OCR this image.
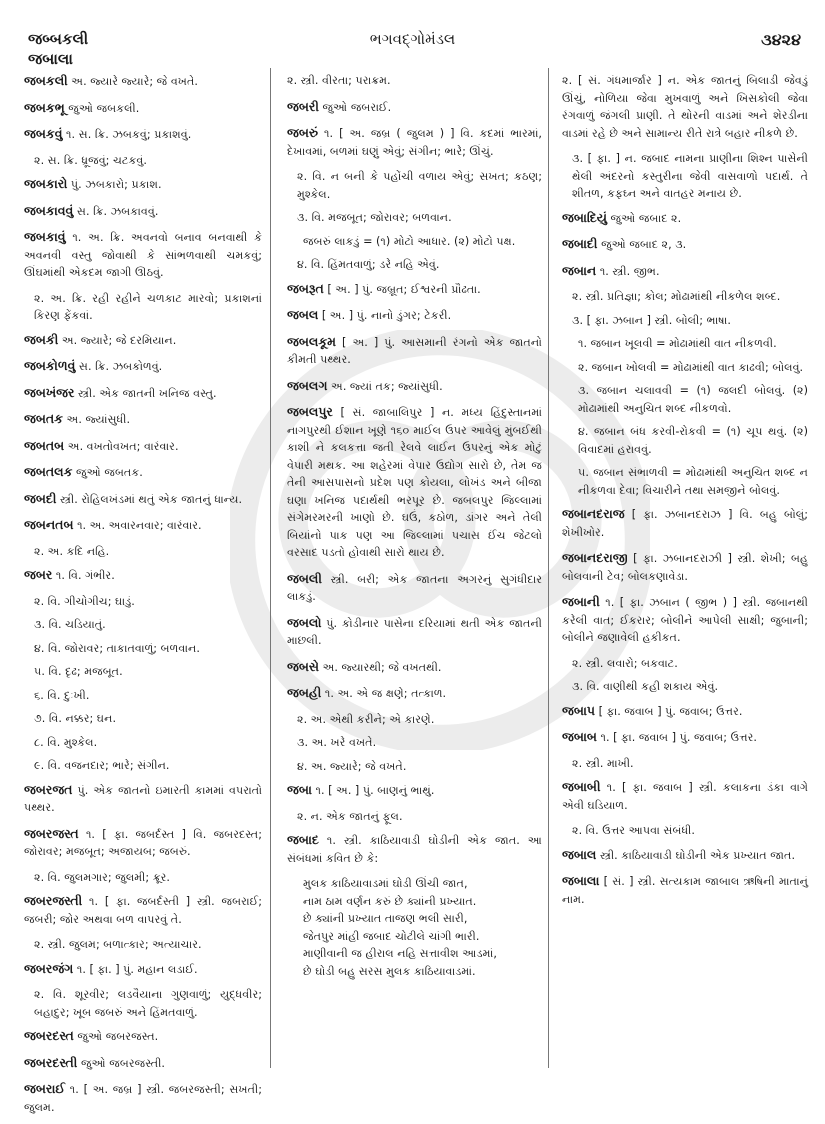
જબ્બકલી
જબાલા
ભગવદ્ગોમંડલ	૩૪૨૪
જબકલી અ. જ્યારે જ્યારે; જે વખતે.
જબકભૂ જુઓ જબકલી.
જબકવું ૧. સ. ક્રિ. ઝબકવું; પ્રકાશવું.
૨. સ. ક્રિ. ધ્રૂજવું; ચટકવું.
જબકારો પું. ઝબકારો; પ્રકાશ.
જબકાવવું સ. ક્રિ. ઝબકાવવું.
જબકાવું ૧. અ. ક્રિ. અવનવો બનાવ બનવાથી કે અવનવી વસ્તુ જોવાથી કે સાંભળવાથી ચમકવું; ઊંઘમાંથી એકદમ જાગી ઊઠવું.
૨. અ. ક્રિ. રહી રહીને ચળકાટ મારવો; પ્રકાશનાં કિરણ ફેંકવાં.
જબકી અ. જ્યારે; જે દરમિયાન.
જબકોળવું સ. ક્રિ. ઝબકોળવું.
જબખંજર સ્ત્રી. એક જાતની ખનિજ વસ્તુ.
જબતક અ. જ્યાંસુધી.
જબતબ અ. વખતોવખત; વારંવાર.
જબતલક જુઓ જબતક.
જબદી સ્ત્રી. રોહિલખંડમાં થતું એક જાતનું ધાન્ય.
જબનતબ ૧. અ. અવારનવાર; વારંવાર.
૨. અ. કદિ નહિ.
જબર ૧. વિ. ગંભીર.
૨. વિ. ગીચોગીચ; ઘાડું.
૩. વિ. ચડિયાતું.
૪. વિ. જોરાવર; તાકાતવાળું; બળવાન.
૫. વિ. દૃઢ; મજબૂત.
૬. વિ. દુઃખી.
૭. વિ. નક્કર; ઘન.
૮. વિ. મુશ્કેલ.
૯. વિ. વજનદાર; ભારે; સંગીન.
જબરજત પું. એક જાતનો ઇમારતી કામમાં વપરાતો પથ્થર.
જબરજસ્ત ૧. [ ફા. જબર્દસ્ત ] વિ. જબરદસ્ત; જોરાવર; મજબૂત; અજાયબ; જબરું.
૨. વિ. જુલમગાર; જુલમી; ક્રૂર.
જબરજસ્તી ૧. [ ફા. જબર્દસ્તી ] સ્ત્રી. જબરાઈ; જબરી; જોર અથવા બળ વાપરવું તે.
૨. સ્ત્રી. જુલમ; બળાત્કાર; અત્યાચાર.
જબરજંગ ૧. [ ફા. ] પું. મહાન લડાઈ.
૨. વિ. શૂરવીર; લડવૈયાના ગુણવાળું; યુદ્ધવીર; બહાદુર; ખૂબ જબરું અને હિંમતવાળું.
જબરદસ્ત જુઓ જબરજસ્ત.
જબરદસ્તી જુઓ જબરજસ્તી.
જબરાઈ ૧. [ અ. જબ્ર ] સ્ત્રી. જબરજસ્તી; સખતી; જુલમ.
૨. સ્ત્રી. વીરતા; પરાક્રમ.
જબરી જુઓ જબરાઈ.
જબરું ૧. [ અ. જબ્ર ( જુલમ ) ] વિ. કદમાં ભારમાં, દેખાવમાં, બળમાં ઘણું એવું; સંગીન; ભારે; ઊંચું.
૨. વિ. ન બની કે પહોંચી વળાય એવું; સખત; કઠણ; મુશ્કેલ.
૩. વિ. મજબૂત; જોરાવર; બળવાન.
જબરું લાકડું = (૧) મોટો આધાર. (૨) મોટો પક્ષ.
૪. વિ. હિંમતવાળું; ડરે નહિ એવું.
જબરૂત [ અ. ] પું. જબ્રૂત; ઈશ્વરની પ્રૌઢતા.
જબલ [ અ. ] પું. નાનો ડુંગર; ટેકરી.
જબલકૂમ [ અ. ] પું. આસમાની રંગનો એક જાતનો કીમતી પથ્થર.
જબલગ અ. જ્યાં તક; જ્યાંસુધી.
જબલપુર [ સં. જાબાલિપુર ] ન. મધ્ય હિંદુસ્તાનમાં નાગપુરથી ઈશાન ખૂણે ૧૬૦ માઈલ ઉપર આવેલું મુંબઈથી કાશી ને કલકત્તા જતી રેલવે લાઈન ઉપરનું એક મોટું વેપારી મથક. આ શહેરમાં વેપાર ઉદ્યોગ સારો છે, તેમ જ તેની આસપાસનો પ્રદેશ પણ કોયલા, લોખંડ અને બીજા ઘણા ખનિજ પદાર્થથી ભરપૂર છે. જબલપુર જિલ્લામાં સંગેમરમરની ખાણો છે. ઘઉં, કઠોળ, ડાંગર અને તેલી બિયાંનો પાક પણ આ જિલ્લામાં પચાસ ઈંચ જેટલો વરસાદ પડતો હોવાથી સારો થાય છે.
જબલી સ્ત્રી. બરી; એક જાતના અગરનું સુગંધીદાર લાકડું.
જબલો પું. કોડીનાર પાસેના દરિયામાં થતી એક જાતની માછલી.
જબસે અ. જ્યારથી; જે વખતથી.
જબહી ૧. અ. એ જ ક્ષણે; તત્કાળ.
૨. અ. એથી કરીને; એ કારણે.
૩. અ. ખરે વખતે.
૪. અ. જ્યારે; જે વખતે.
જબા ૧. [ અ. ] પું. બાણનું ભાથું.
૨. ન. એક જાતનું ફૂલ.
જબાદ ૧. સ્ત્રી. કાઠિયાવાડી ઘોડીની એક જાત. આ સંબંધમાં કવિત છે કે:
મુલક કાઠિયાવાડમાં ઘોડી ઊંચી જાત,
નામ ઠામ વર્ણન કરું છે ક્યાંની પ્રખ્યાત.
છે ક્યાંની પ્રખ્યાત તાજણ ભલી સારી,
જેતપુર માંહી જબાદ ચોટીલે ચાંગી ભારી.
માણીવાની જ હીરાલ નહિ સત્તાવીશ આડમાં,
છે ઘોડી બહુ સરસ મુલક કાઠિયાવાડમાં.
૨. [ સં. ગંધમાર્જાર ] ન. એક જાતનું બિલાડી જેવડું ઊંચું, નોળિયા જેવા મુખવાળું અને ખિસકોલી જેવા રંગવાળું જંગલી પ્રાણી. તે થોરની વાડમાં અને શેરડીના વાડમાં રહે છે અને સામાન્ય રીતે રાત્રે બહાર નીકળે છે.
૩. [ ફા. ] ન. જબાદ નામના પ્રાણીના શિશ્ન પાસેની થેલી અંદરનો કસ્તુરીના જેવી વાસવાળો પદાર્થ. તે શીતળ, કફઘ્ન અને વાતહર મનાય છે.
જબાદિયું જુઓ જબાદ ૨.
જબાદી જુઓ જબાદ ૨, ૩.
જબાન ૧. સ્ત્રી. જીભ.
૨. સ્ત્રી. પ્રતિજ્ઞા; કોલ; મોઢામાંથી નીકળેલ શબ્દ.
૩. [ ફા. ઝબાન ] સ્ત્રી. બોલી; ભાષા.
૧. જબાન ખૂલવી = મોઢામાંથી વાત નીકળવી.
૨. જબાન ખોલવી = મોઢામાંથી વાત કાઢવી; બોલવું.
૩. જબાન ચલાવવી = (૧) જલદી બોલવું. (૨) મોઢામાંથી અનુચિત શબ્દ નીકળવો.
૪. જબાન બંધ કરવી-રોકવી = (૧) ચૂપ થવું. (૨) વિવાદમાં હરાવવું.
૫. જબાન સંભાળવી = મોઢામાંથી અનુચિત શબ્દ ન નીકળવા દેવા; વિચારીને તથા સમજીને બોલવું.
જબાનદરાજ [ ફા. ઝબાનદરાઝ ] વિ. બહુ બોલું; શેખીખોર.
જબાનદરાજી [ ફા. ઝબાનદરાઝી ] સ્ત્રી. શેખી; બહુ બોલવાની ટેવ; બોલકણાવેડા.
જબાની ૧. [ ફા. ઝબાન ( જીભ ) ] સ્ત્રી. જબાનથી કરેલી વાત; ઈકરાર; બોલીને આપેલી સાક્ષી; જુબાની; બોલીને જણાવેલી હકીકત.
૨. સ્ત્રી. લવારો; બકવાટ.
૩. વિ. વાણીથી કહી શકાય એવું.
જબાપ [ ફા. જવાબ ] પું. જવાબ; ઉત્તર.
જબાબ ૧. [ ફા. જવાબ ] પું. જવાબ; ઉત્તર.
૨. સ્ત્રી. માખી.
જબાબી ૧. [ ફા. જવાબ ] સ્ત્રી. કલાકના ડંકા વાગે એવી ઘડિયાળ.
૨. વિ. ઉત્તર આપવા સંબંધી.
જબાલ સ્ત્રી. કાઠિયાવાડી ઘોડીની એક પ્રખ્યાત જાત.
જબાલા [ સં. ] સ્ત્રી. સત્યકામ જાબાલ ઋષિની માતાનું નામ.
